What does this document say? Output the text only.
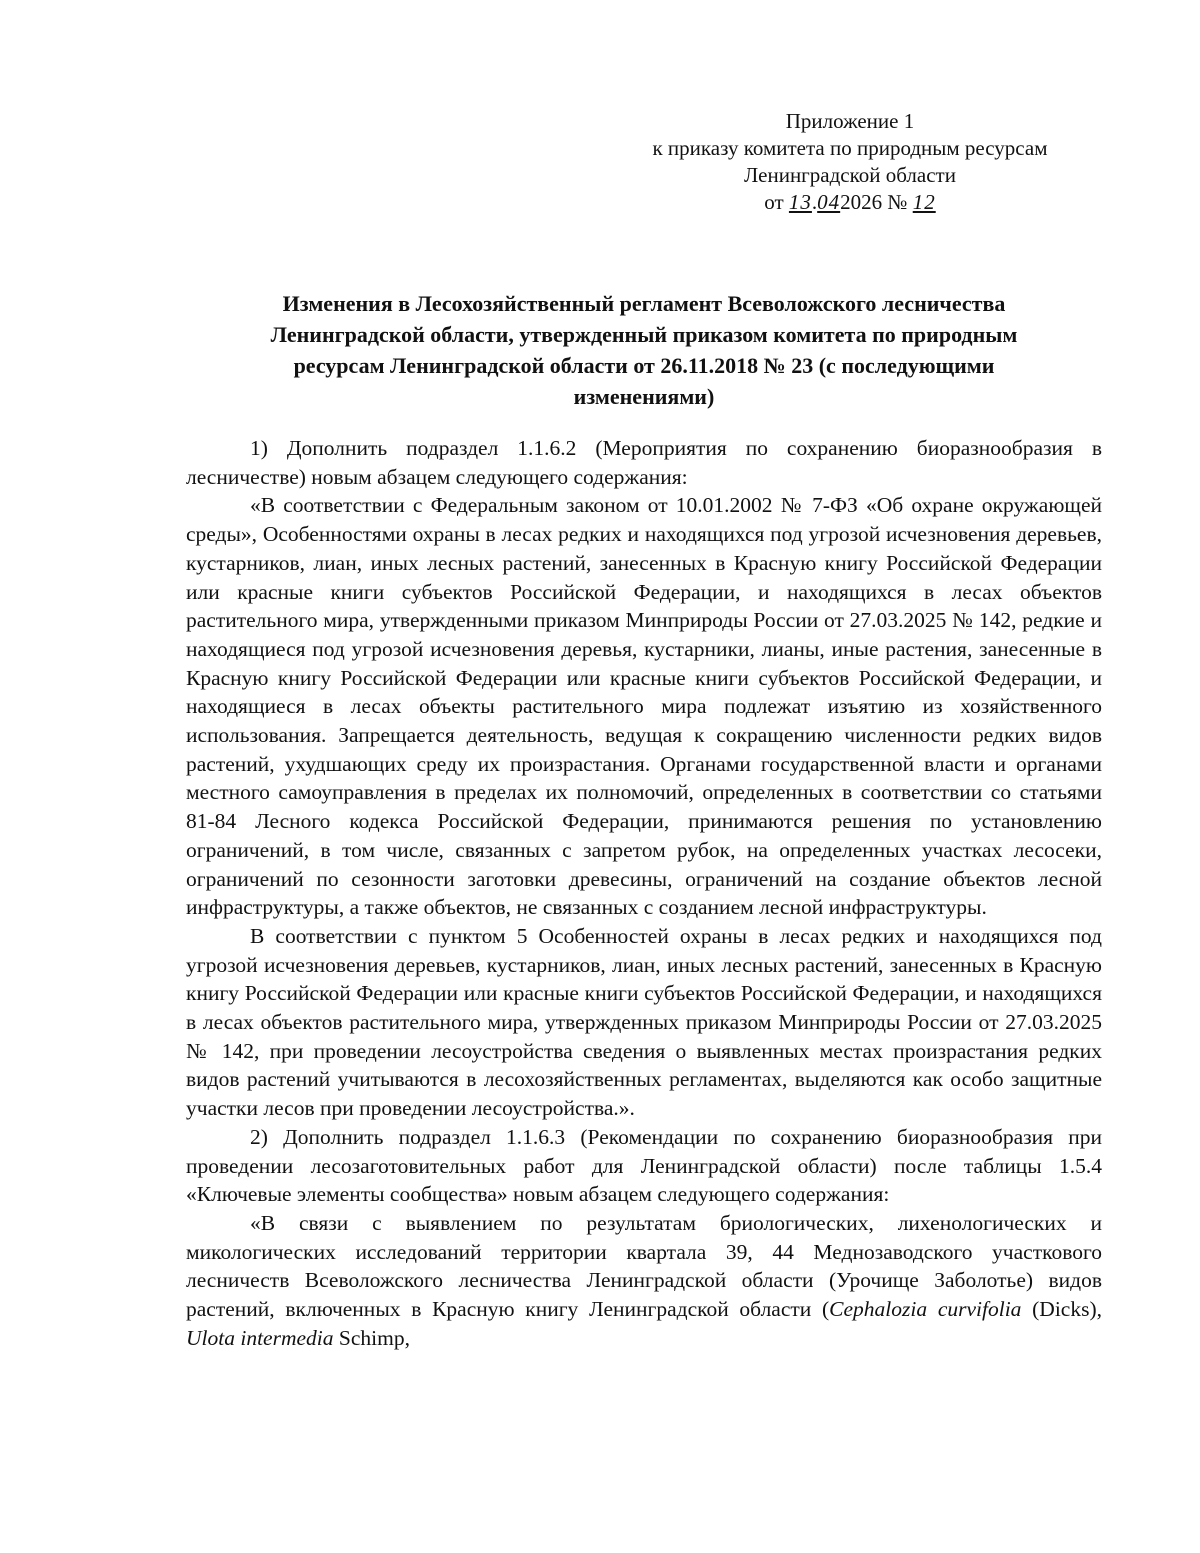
Приложение 1
к приказу комитета по природным ресурсам
Ленинградской области
от 13.042026 № 12
Изменения в Лесохозяйственный регламент Всеволожского лесничества
Ленинградской области, утвержденный приказом комитета по природным
ресурсам Ленинградской области от 26.11.2018 № 23 (с последующими
изменениями)

1) Дополнить подраздел 1.1.6.2 (Мероприятия по сохранению биоразнообразия в лесничестве) новым абзацем следующего содержания:

«В соответствии с Федеральным законом от 10.01.2002 № 7-ФЗ «Об охране окружающей среды», Особенностями охраны в лесах редких и находящихся под угрозой исчезновения деревьев, кустарников, лиан, иных лесных растений, занесенных в Красную книгу Российской Федерации или красные книги субъектов Российской Федерации, и находящихся в лесах объектов растительного мира, утвержденными приказом Минприроды России от 27.03.2025 № 142, редкие и находящиеся под угрозой исчезновения деревья, кустарники, лианы, иные растения, занесенные в Красную книгу Российской Федерации или красные книги субъектов Российской Федерации, и находящиеся в лесах объекты растительного мира подлежат изъятию из хозяйственного использования. Запрещается деятельность, ведущая к сокращению численности редких видов растений, ухудшающих среду их произрастания. Органами государственной власти и органами местного самоуправления в пределах их полномочий, определенных в соответствии со статьями 81-84 Лесного кодекса Российской Федерации, принимаются решения по установлению ограничений, в том числе, связанных с запретом рубок, на определенных участках лесосеки, ограничений по сезонности заготовки древесины, ограничений на создание объектов лесной инфраструктуры, а также объектов, не связанных с созданием лесной инфраструктуры.

В соответствии с пунктом 5 Особенностей охраны в лесах редких и находящихся под угрозой исчезновения деревьев, кустарников, лиан, иных лесных растений, занесенных в Красную книгу Российской Федерации или красные книги субъектов Российской Федерации, и находящихся в лесах объектов растительного мира, утвержденных приказом Минприроды России от 27.03.2025 № 142, при проведении лесоустройства сведения о выявленных местах произрастания редких видов растений учитываются в лесохозяйственных регламентах, выделяются как особо защитные участки лесов при проведении лесоустройства.».

2) Дополнить подраздел 1.1.6.3 (Рекомендации по сохранению биоразнообразия при проведении лесозаготовительных работ для Ленинградской области) после таблицы 1.5.4 «Ключевые элементы сообщества» новым абзацем следующего содержания:

«В связи с выявлением по результатам бриологических, лихенологических и микологических исследований территории квартала 39, 44 Меднозаводского участкового лесничеств Всеволожского лесничества Ленинградской области (Урочище Заболотье) видов растений, включенных в Красную книгу Ленинградской области (Cephalozia curvifolia (Dicks), Ulota intermedia Schimp,
